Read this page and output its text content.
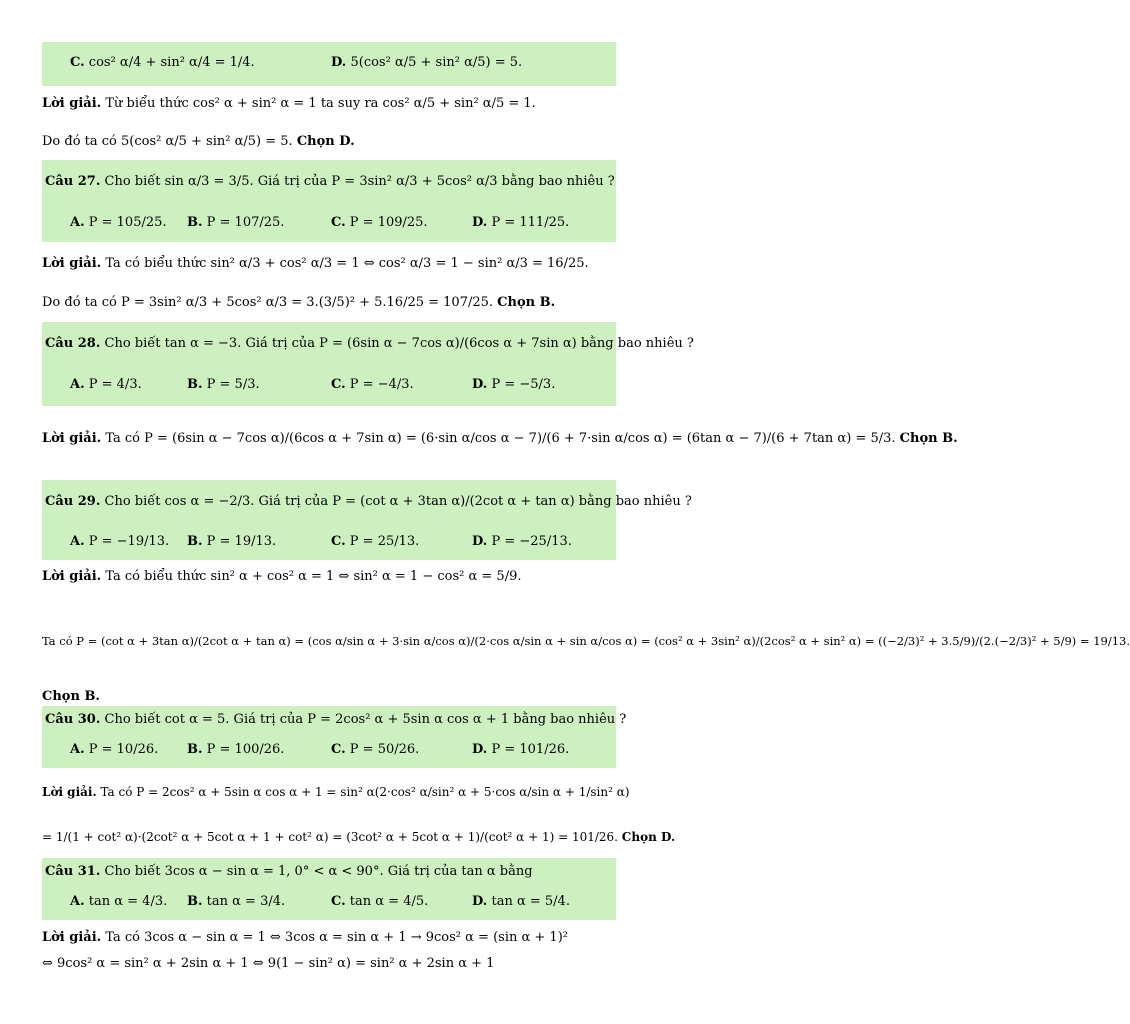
C. cos² α/4 + sin² α/4 = 1/4.	D. 5(cos² α/5 + sin² α/5) = 5.
Lời giải. Từ biểu thức cos² α + sin² α = 1 ta suy ra cos² α/5 + sin² α/5 = 1.
Do đó ta có 5(cos² α/5 + sin² α/5) = 5. Chọn D.
Câu 27. Cho biết sin α/3 = 3/5. Giá trị của P = 3sin² α/3 + 5cos² α/3 bằng bao nhiêu ?
A. P = 105/25. B. P = 107/25.	C. P = 109/25.	D. P = 111/25.
Lời giải. Ta có biểu thức sin² α/3 + cos² α/3 = 1 ⇔ cos² α/3 = 1 − sin² α/3 = 16/25.
Do đó ta có P = 3sin² α/3 + 5cos² α/3 = 3.(3/5)² + 5.16/25 = 107/25. Chọn B.
Câu 28. Cho biết tan α = −3. Giá trị của P = (6sin α − 7cos α)/(6cos α + 7sin α) bằng bao nhiêu ?
A. P = 4/3.	B. P = 5/3.	C. P = −4/3.	D. P = −5/3.
Lời giải. Ta có P = (6sin α − 7cos α)/(6cos α + 7sin α) = (6·sin α/cos α − 7)/(6 + 7·sin α/cos α) = (6tan α − 7)/(6 + 7tan α) = 5/3. Chọn B.
Câu 29. Cho biết cos α = −2/3. Giá trị của P = (cot α + 3tan α)/(2cot α + tan α) bằng bao nhiêu ?
A. P = −19/13. B. P = 19/13.	C. P = 25/13.	D. P = −25/13.
Lời giải. Ta có biểu thức sin² α + cos² α = 1 ⇔ sin² α = 1 − cos² α = 5/9.
Ta có P = (cot α + 3tan α)/(2cot α + tan α) = (cos α/sin α + 3·sin α/cos α)/(2·cos α/sin α + sin α/cos α) = (cos² α + 3sin² α)/(2cos² α + sin² α) = ((−2/3)² + 3.5/9)/(2.(−2/3)² + 5/9) = 19/13.
Chọn B.
Câu 30. Cho biết cot α = 5. Giá trị của P = 2cos² α + 5sin α cos α + 1 bằng bao nhiêu ?
A. P = 10/26. B. P = 100/26.	C. P = 50/26.	D. P = 101/26.
Lời giải. Ta có P = 2cos² α + 5sin α cos α + 1 = sin² α(2·cos² α/sin² α + 5·cos α/sin α + 1/sin² α)
= 1/(1 + cot² α)·(2cot² α + 5cot α + 1 + cot² α) = (3cot² α + 5cot α + 1)/(cot² α + 1) = 101/26. Chọn D.
Câu 31. Cho biết 3cos α − sin α = 1, 0° < α < 90°. Giá trị của tan α bằng
A. tan α = 4/3. B. tan α = 3/4.	C. tan α = 4/5.	D. tan α = 5/4.
Lời giải. Ta có 3cos α − sin α = 1 ⇔ 3cos α = sin α + 1 → 9cos² α = (sin α + 1)²
⇔ 9cos² α = sin² α + 2sin α + 1 ⇔ 9(1 − sin² α) = sin² α + 2sin α + 1
